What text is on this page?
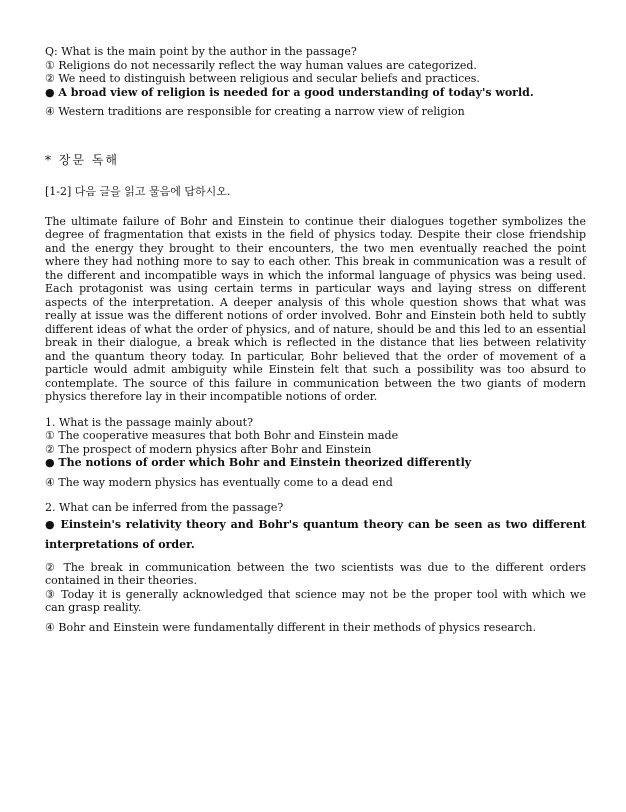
Q: What is the main point by the author in the passage?

① Religions do not necessarily reflect the way human values are categorized.

② We need to distinguish between religious and secular beliefs and practices.

● A broad view of religion is needed for a good understanding of today's world.

④ Western traditions are responsible for creating a narrow view of religion

* 장문 독해

[1-2] 다음 글을 읽고 물음에 답하시오.

The ultimate failure of Bohr and Einstein to continue their dialogues together symbolizes the degree of fragmentation that exists in the field of physics today. Despite their close friendship and the energy they brought to their encounters, the two men eventually reached the point where they had nothing more to say to each other. This break in communication was a result of the different and incompatible ways in which the informal language of physics was being used. Each protagonist was using certain terms in particular ways and laying stress on different aspects of the interpretation. A deeper analysis of this whole question shows that what was really at issue was the different notions of order involved. Bohr and Einstein both held to subtly different ideas of what the order of physics, and of nature, should be and this led to an essential break in their dialogue, a break which is reflected in the distance that lies between relativity and the quantum theory today. In particular, Bohr believed that the order of movement of a particle would admit ambiguity while Einstein felt that such a possibility was too absurd to contemplate. The source of this failure in communication between the two giants of modern physics therefore lay in their incompatible notions of order.

1. What is the passage mainly about?

① The cooperative measures that both Bohr and Einstein made

② The prospect of modern physics after Bohr and Einstein

● The notions of order which Bohr and Einstein theorized differently

④ The way modern physics has eventually come to a dead end

2. What can be inferred from the passage?

● Einstein's relativity theory and Bohr's quantum theory can be seen as two different interpretations of order.

② The break in communication between the two scientists was due to the different orders contained in their theories.

③ Today it is generally acknowledged that science may not be the proper tool with which we can grasp reality.

④ Bohr and Einstein were fundamentally different in their methods of physics research.
